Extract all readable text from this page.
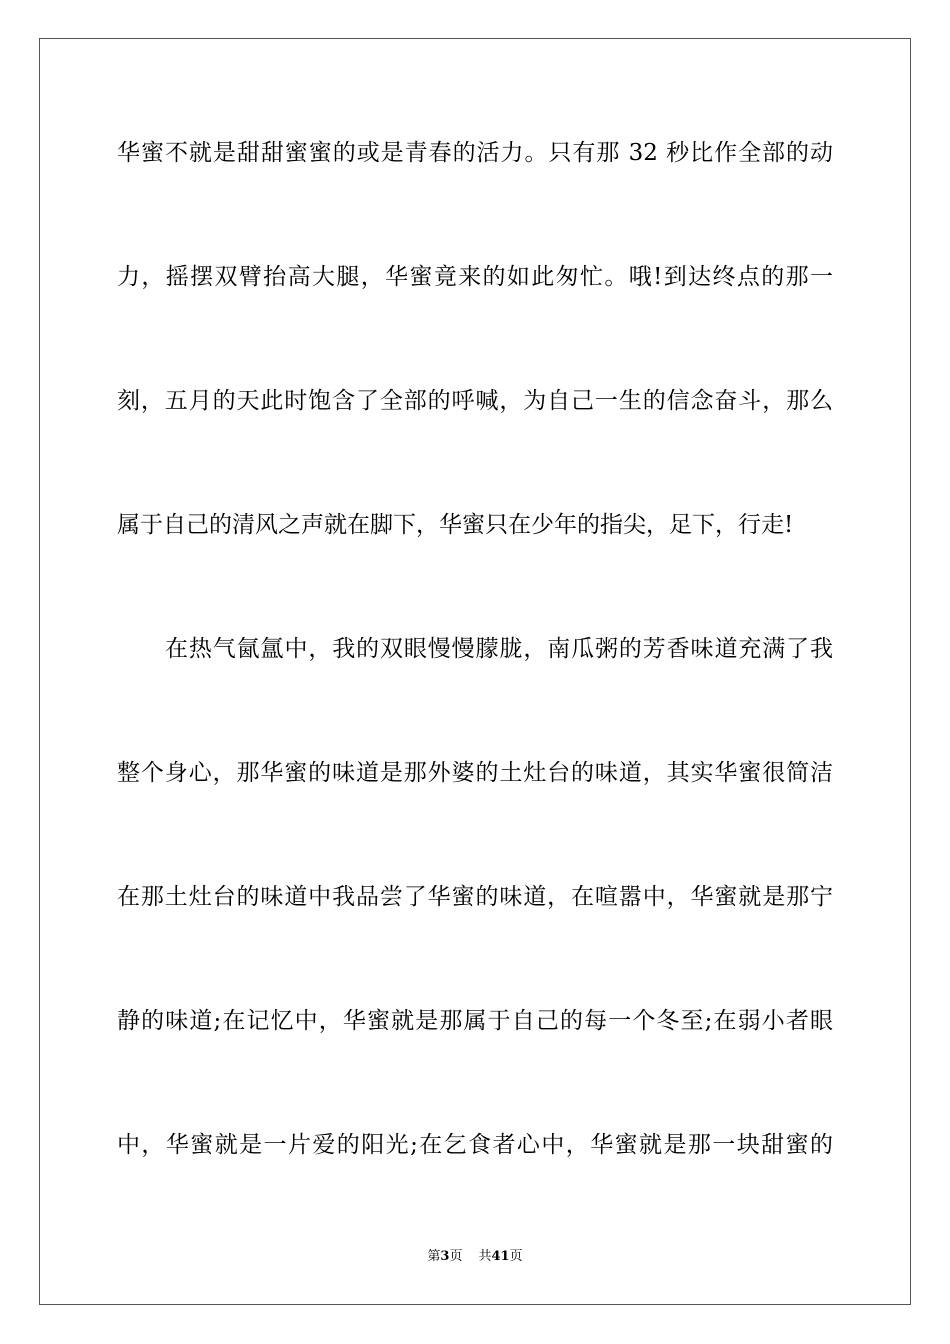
华蜜不就是甜甜蜜蜜的或是青春的活力。只有那 32 秒比作全部的动
力，摇摆双臂抬高大腿，华蜜竟来的如此匆忙。哦!到达终点的那一
刻，五月的天此时饱含了全部的呼喊，为自己一生的信念奋斗，那么
属于自己的清风之声就在脚下，华蜜只在少年的指尖，足下，行走!
在热气氤氲中，我的双眼慢慢朦胧，南瓜粥的芳香味道充满了我
整个身心，那华蜜的味道是那外婆的土灶台的味道，其实华蜜很简洁
在那土灶台的味道中我品尝了华蜜的味道，在喧嚣中，华蜜就是那宁
静的味道;在记忆中，华蜜就是那属于自己的每一个冬至;在弱小者眼
中，华蜜就是一片爱的阳光;在乞食者心中，华蜜就是那一块甜蜜的
第3页 共41页
